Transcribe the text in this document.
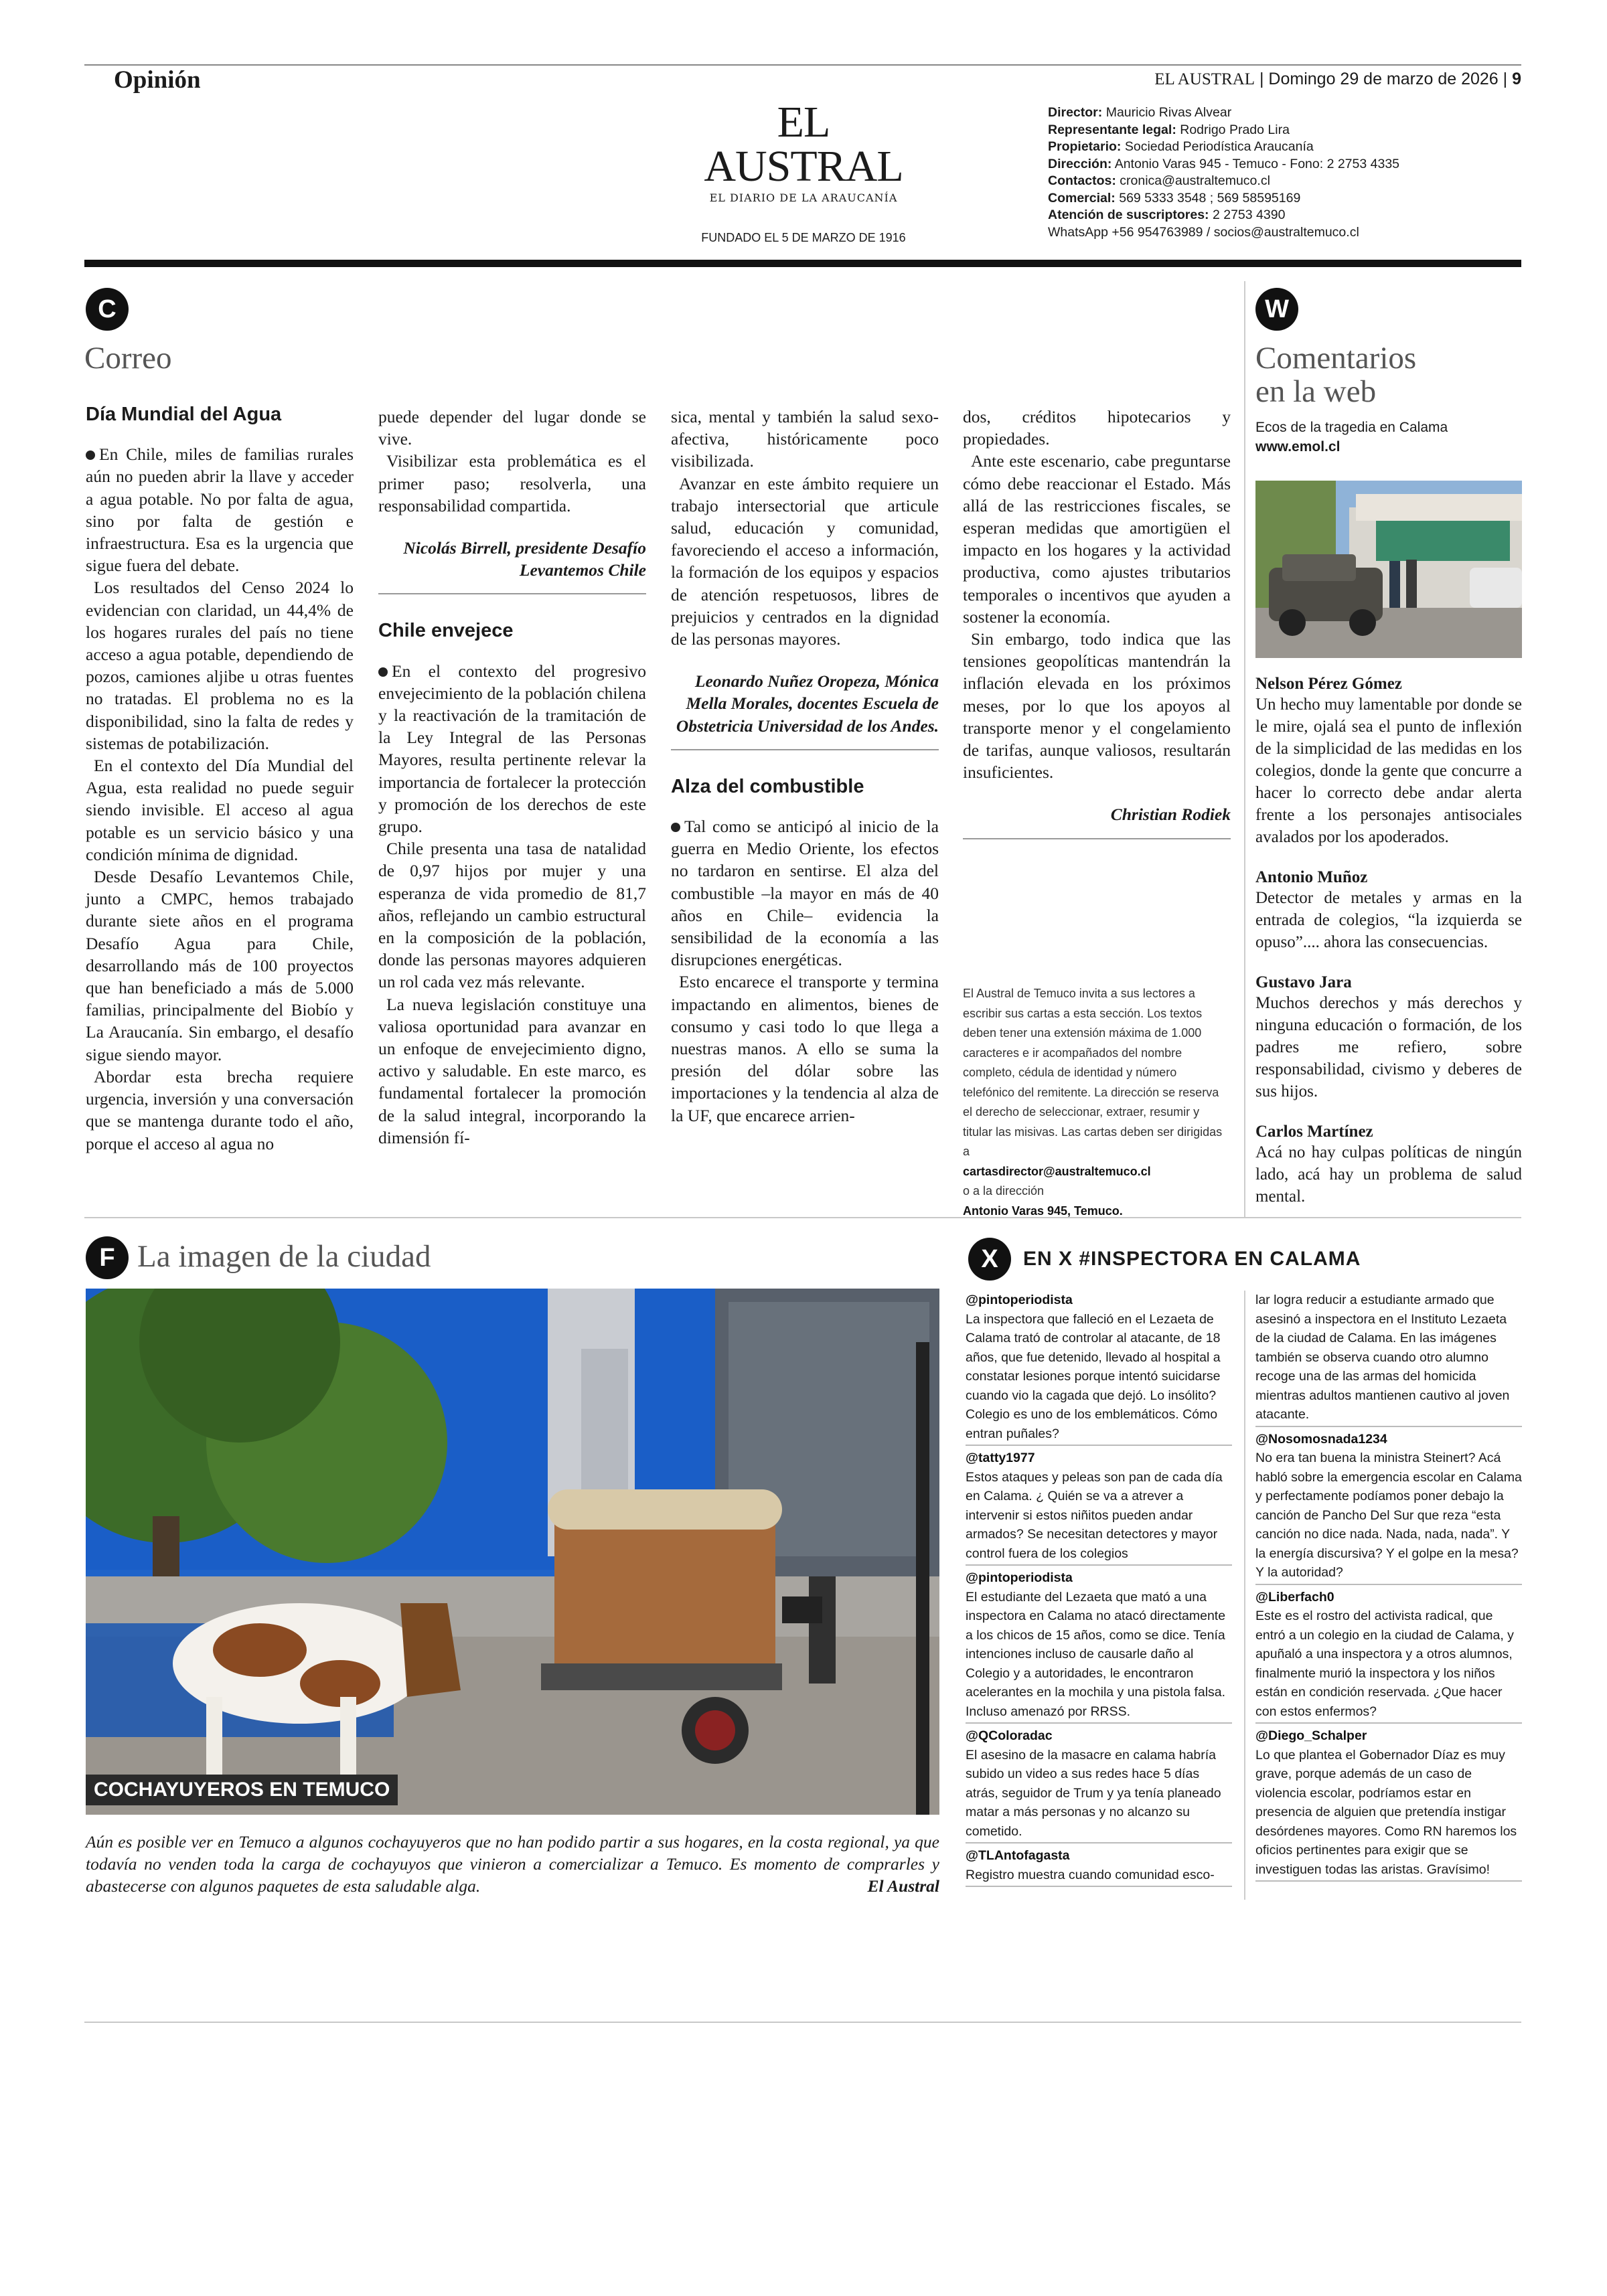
Opinión
EL AUSTRAL
EL DIARIO DE LA ARAUCANÍA
FUNDADO EL 5 DE MARZO DE 1916
EL AUSTRAL | Domingo 29 de marzo de 2026 | 9
Director: Mauricio Rivas Alvear
Representante legal: Rodrigo Prado Lira
Propietario: Sociedad Periodística Araucanía
Dirección: Antonio Varas 945 - Temuco - Fono: 2 2753 4335
Contactos: cronica@australtemuco.cl
Comercial: 569 5333 3548 ; 569 58595169
Atención de suscriptores: 2 2753 4390
WhatsApp +56 954763989 / socios@australtemuco.cl
C
Correo
Día Mundial del Agua

En Chile, miles de familias rurales aún no pueden abrir la llave y acceder a agua potable. No por falta de agua, sino por falta de gestión e infraestructura. Esa es la urgencia que sigue fuera del debate.

Los resultados del Censo 2024 lo evidencian con claridad, un 44,4% de los hogares rurales del país no tiene acceso a agua potable, dependiendo de pozos, camiones aljibe u otras fuentes no tratadas. El problema no es la disponibilidad, sino la falta de redes y sistemas de potabilización.

En el contexto del Día Mundial del Agua, esta realidad no puede seguir siendo invisible. El acceso al agua potable es un servicio básico y una condición mínima de dignidad.

Desde Desafío Levantemos Chile, junto a CMPC, hemos trabajado durante siete años en el programa Desafío Agua para Chile, desarrollando más de 100 proyectos que han beneficiado a más de 5.000 familias, principalmente del Biobío y La Araucanía. Sin embargo, el desafío sigue siendo mayor.

Abordar esta brecha requiere urgencia, inversión y una conversación que se mantenga durante todo el año, porque el acceso al agua no

puede depender del lugar donde se vive.

Visibilizar esta problemática es el primer paso; resolverla, una responsabilidad compartida.

Nicolás Birrell, presidente Desafío Levantemos Chile

Chile envejece

En el contexto del progresivo envejecimiento de la población chilena y la reactivación de la tramitación de la Ley Integral de las Personas Mayores, resulta pertinente relevar la importancia de fortalecer la protección y promoción de los derechos de este grupo.

Chile presenta una tasa de natalidad de 0,97 hijos por mujer y una esperanza de vida promedio de 81,7 años, reflejando un cambio estructural en la composición de la población, donde las personas mayores adquieren un rol cada vez más relevante.

La nueva legislación constituye una valiosa oportunidad para avanzar en un enfoque de envejecimiento digno, activo y saludable. En este marco, es fundamental fortalecer la promoción de la salud integral, incorporando la dimensión fí-

sica, mental y también la salud sexo-afectiva, históricamente poco visibilizada.

Avanzar en este ámbito requiere un trabajo intersectorial que articule salud, educación y comunidad, favoreciendo el acceso a información, la formación de los equipos y espacios de atención respetuosos, libres de prejuicios y centrados en la dignidad de las personas mayores.

Leonardo Nuñez Oropeza, Mónica Mella Morales, docentes Escuela de Obstetricia Universidad de los Andes.

Alza del combustible

Tal como se anticipó al inicio de la guerra en Medio Oriente, los efectos no tardaron en sentirse. El alza del combustible –la mayor en más de 40 años en Chile– evidencia la sensibilidad de la economía a las disrupciones energéticas.

Esto encarece el transporte y termina impactando en alimentos, bienes de consumo y casi todo lo que llega a nuestras manos. A ello se suma la presión del dólar sobre las importaciones y la tendencia al alza de la UF, que encarece arrien-

dos, créditos hipotecarios y propiedades.

Ante este escenario, cabe preguntarse cómo debe reaccionar el Estado. Más allá de las restricciones fiscales, se esperan medidas que amortigüen el impacto en los hogares y la actividad productiva, como ajustes tributarios temporales o incentivos que ayuden a sostener la economía.

Sin embargo, todo indica que las tensiones geopolíticas mantendrán la inflación elevada en los próximos meses, por lo que los apoyos al transporte menor y el congelamiento de tarifas, aunque valiosos, resultarán insuficientes.

Christian Rodiek

El Austral de Temuco invita a sus lectores a escribir sus cartas a esta sección. Los textos deben tener una extensión máxima de 1.000 caracteres e ir acompañados del nombre completo, cédula de identidad y número telefónico del remitente. La dirección se reserva el derecho de seleccionar, extraer, resumir y titular las misivas. Las cartas deben ser dirigidas a
cartasdirector@australtemuco.cl
o a la dirección
Antonio Varas 945, Temuco.
W
Comentarios
en la web
Ecos de la tragedia en Calama
www.emol.cl
Nelson Pérez Gómez
Un hecho muy lamentable por donde se le mire, ojalá sea el punto de inflexión de la simplicidad de las medidas en los colegios, donde la gente que concurre a hacer lo correcto debe andar alerta frente a los personajes antisociales avalados por los apoderados.
Antonio Muñoz
Detector de metales y armas en la entrada de colegios, “la izquierda se opuso”.... ahora las consecuencias.
Gustavo Jara
Muchos derechos y más derechos y ninguna educación o formación, de los padres me refiero, sobre responsabilidad, civismo y deberes de sus hijos.
Carlos Martínez
Acá no hay culpas políticas de ningún lado, acá hay un problema de salud mental.
F La imagen de la ciudad
COCHAYUYEROS EN TEMUCO
Aún es posible ver en Temuco a algunos cochayuyeros que no han podido partir a sus hogares, en la costa regional, ya que todavía no venden toda la carga de cochayuyos que vinieron a comercializar a Temuco. Es momento de comprarles y abastecerse con algunos paquetes de esta saludable alga.	El Austral
X	EN X #INSPECTORA EN CALAMA
@pintoperiodista
La inspectora que falleció en el Lezaeta de Calama trató de controlar al atacante, de 18 años, que fue detenido, llevado al hospital a constatar lesiones porque intentó suicidarse cuando vio la cagada que dejó. Lo insólito? Colegio es uno de los emblemáticos. Cómo entran puñales?
@tatty1977
Estos ataques y peleas son pan de cada día en Calama. ¿ Quién se va a atrever a intervenir si estos niñitos pueden andar armados? Se necesitan detectores y mayor control fuera de los colegios
@pintoperiodista
El estudiante del Lezaeta que mató a una inspectora en Calama no atacó directamente a los chicos de 15 años, como se dice. Tenía intenciones incluso de causarle daño al Colegio y a autoridades, le encontraron acelerantes en la mochila y una pistola falsa. Incluso amenazó por RRSS.
@QColoradac
El asesino de la masacre en calama habría subido un video a sus redes hace 5 días atrás, seguidor de Trum y ya tenía planeado matar a más personas y no alcanzo su cometido.
@TLAntofagasta
Registro muestra cuando comunidad esco-
lar logra reducir a estudiante armado que asesinó a inspectora en el Instituto Lezaeta de la ciudad de Calama. En las imágenes también se observa cuando otro alumno recoge una de las armas del homicida mientras adultos mantienen cautivo al joven atacante.
@Nosomosnada1234
No era tan buena la ministra Steinert? Acá habló sobre la emergencia escolar en Calama y perfectamente podíamos poner debajo la canción de Pancho Del Sur que reza “esta canción no dice nada. Nada, nada, nada”. Y la energía discursiva? Y el golpe en la mesa? Y la autoridad?
@Liberfach0
Este es el rostro del activista radical, que entró a un colegio en la ciudad de Calama, y apuñaló a una inspectora y a otros alumnos, finalmente murió la inspectora y los niños están en condición reservada. ¿Que hacer con estos enfermos?
@Diego_Schalper
Lo que plantea el Gobernador Díaz es muy grave, porque además de un caso de violencia escolar, podríamos estar en presencia de alguien que pretendía instigar desórdenes mayores. Como RN haremos los oficios pertinentes para exigir que se investiguen todas las aristas. Gravísimo!
